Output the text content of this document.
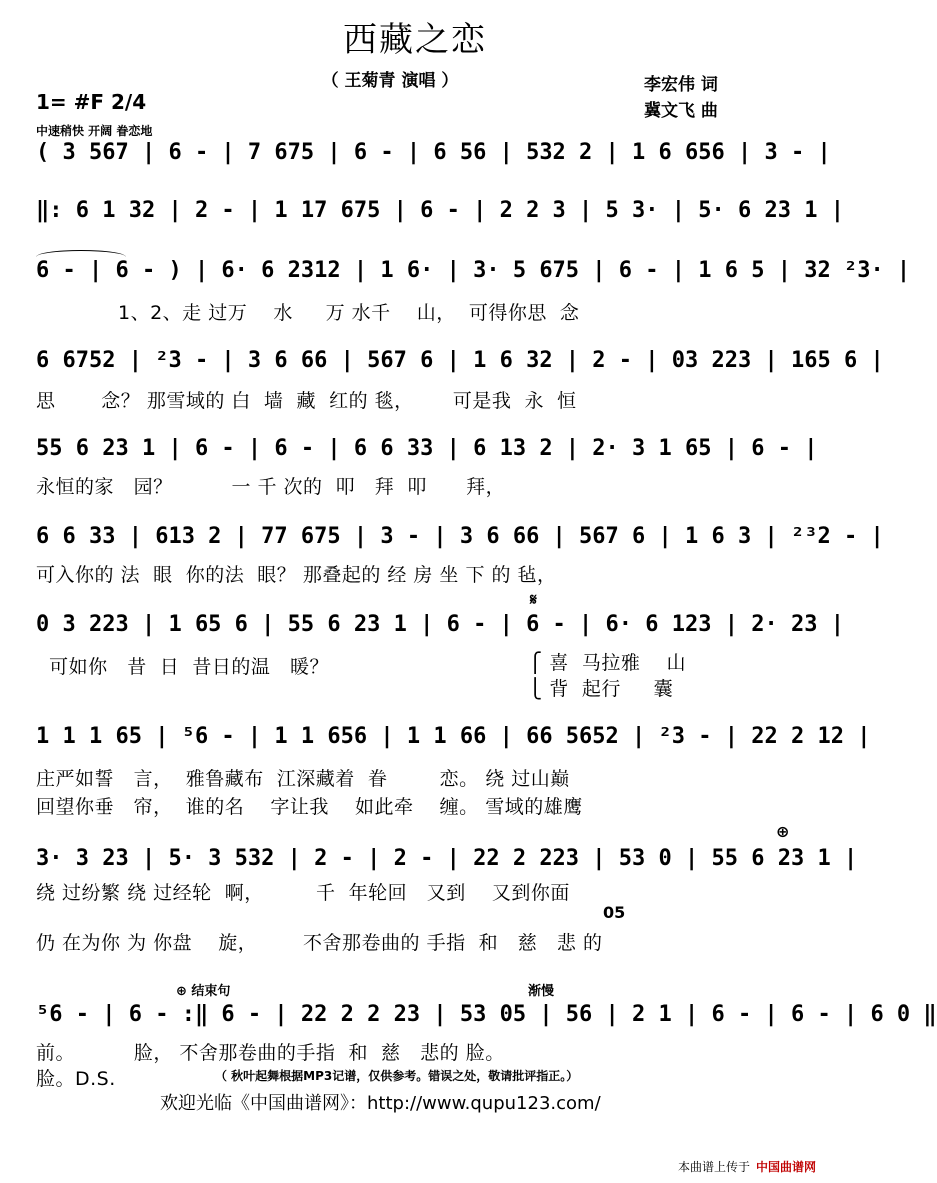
西藏之恋
（ 王菊青 演唱 ）	李宏伟 词
冀文飞 曲
1= #F 2/4
中速稍快 开阔 眷恋地
( 3 567 | 6 - | 7 675 | 6 - | 6 56 | 532 2 | 1 6 656 | 3 - |
‖: 6 1 32 | 2 - | 1 17 675 | 6 - | 2 2 3 | 5 3· | 5· 6 23 1 |
6 - | 6 - ) | 6· 6 2312 | 1 6· | 3· 5 675 | 6 - | 1 6 5 | 32 ²3· |
1、2、走 过万    水     万 水千    山，  可得你思  念
6 6752 | ²3 - | 3 6 66 | 567 6 | 1 6 32 | 2 - | 03 223 | 165 6 |
思       念？ 那雪域的 白  墙  藏  红的 毯，      可是我  永  恒
55 6 23 1 | 6 - | 6 - | 6 6 33 | 6 13 2 | 2· 3 1 65 | 6 - |
永恒的家   园？         一 千 次的  叩   拜  叩      拜，
6 6 33 | 613 2 | 77 675 | 3 - | 3 6 66 | 567 6 | 1 6 3 | ²³2 - |
可入你的 法  眼  你的法  眼？ 那叠起的 经 房 坐 下 的 毡，
𝄋
0 3 223 | 1 65 6 | 55 6 23 1 | 6 - | 6 - | 6· 6 123 | 2· 23 |
可如你   昔  日  昔日的温   暖？	⎧ 喜  马拉雅    山
⎩ 背  起行     囊
1 1 1 65 | ⁵6 - | 1 1 656 | 1 1 66 | 66 5652 | ²3 - | 22 2 12 |
庄严如誓   言，  雅鲁藏布  江深藏着  眷        恋。 绕 过山巅
回望你垂   帘，  谁的名    字让我    如此牵    缠。 雪域的雄鹰
⊕
3· 3 23 | 5· 3 532 | 2 - | 2 - | 22 2 223 | 53 0 | 55 6 23 1 |
绕 过纷繁 绕 过经轮  啊，        千  年轮回   又到    又到你面
05
仍 在为你 为 你盘    旋，       不舍那卷曲的 手指  和   慈   悲 的
⊕ 结束句	渐慢
⁵6 - | 6 - :‖ 6 - | 22 2 2 23 | 53 05 | 56 | 2 1 | 6 - | 6 - | 6 0 ‖
前。         脸， 不舍那卷曲的手指  和  慈   悲的 脸。
脸。D.S.	（ 秋叶起舞根据MP3记谱，仅供参考。错误之处，敬请批评指正。）
欢迎光临《中国曲谱网》：http://www.qupu123.com/
本曲谱上传于 中国曲谱网
